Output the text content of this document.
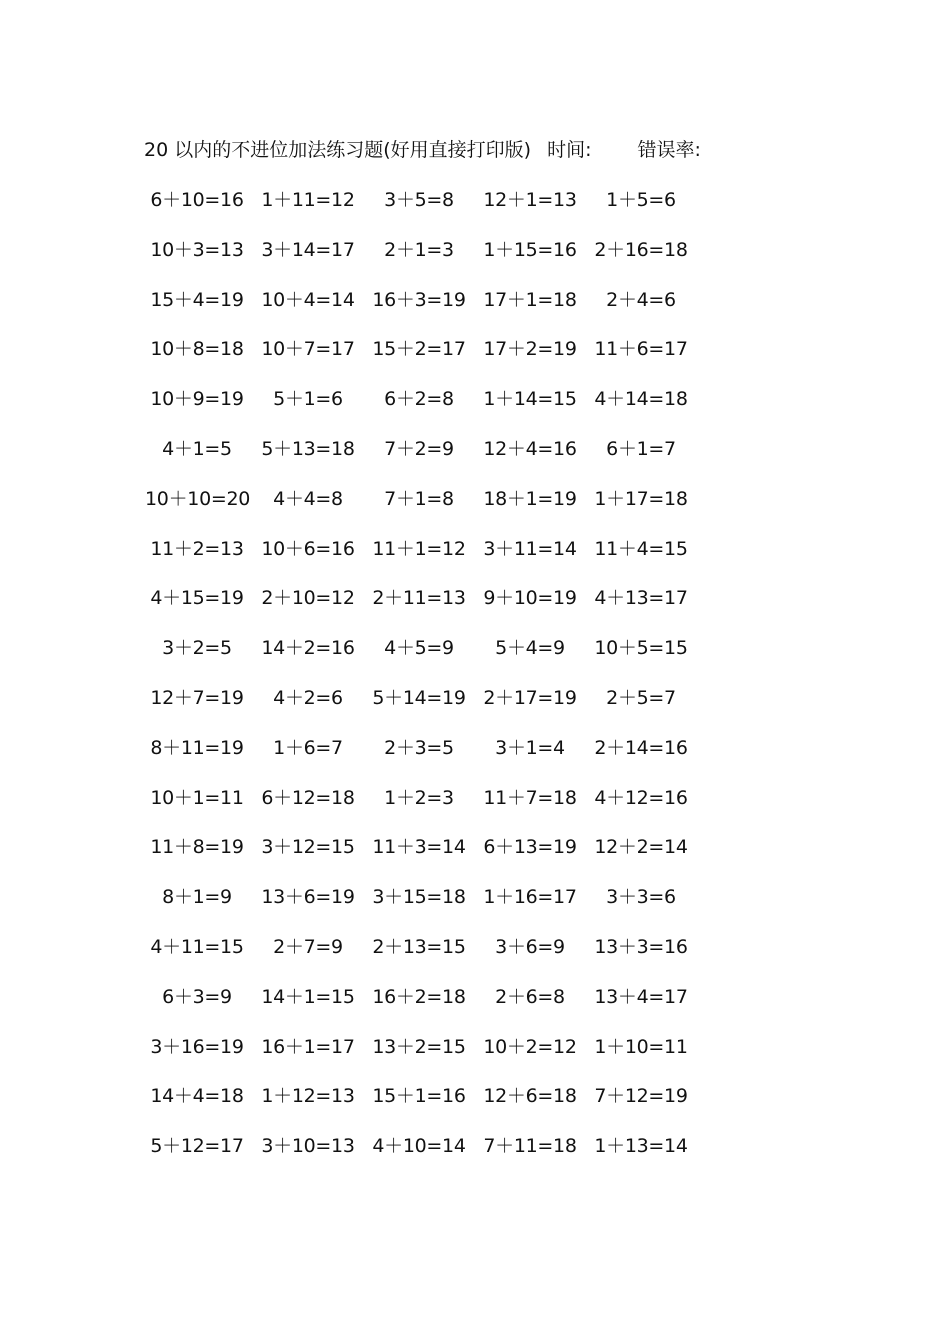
20 以内的不进位加法练习题(好用直接打印版) 时间: 错误率:
6＋10=16 1＋11=12	3＋5=8	12＋1=13	1＋5=6
10＋3=13 3＋14=17	2＋1=3	1＋15=16 2＋16=18
15＋4=19 10＋4=14 16＋3=19 17＋1=18	2＋4=6
10＋8=18 10＋7=17 15＋2=17 17＋2=19 11＋6=17
10＋9=19	5＋1=6	6＋2=8	1＋14=15 4＋14=18
4＋1=5	5＋13=18	7＋2=9	12＋4=16	6＋1=7
10＋10=20	4＋4=8	7＋1=8	18＋1=19 1＋17=18
11＋2=13 10＋6=16 11＋1=12 3＋11=14 11＋4=15
4＋15=19 2＋10=12 2＋11=13 9＋10=19 4＋13=17
3＋2=5	14＋2=16	4＋5=9	5＋4=9	10＋5=15
12＋7=19	4＋2=6	5＋14=19 2＋17=19	2＋5=7
8＋11=19	1＋6=7	2＋3=5	3＋1=4	2＋14=16
10＋1=11 6＋12=18	1＋2=3	11＋7=18 4＋12=16
11＋8=19 3＋12=15 11＋3=14 6＋13=19 12＋2=14
8＋1=9	13＋6=19 3＋15=18 1＋16=17	3＋3=6
4＋11=15	2＋7=9	2＋13=15	3＋6=9	13＋3=16
6＋3=9	14＋1=15 16＋2=18	2＋6=8	13＋4=17
3＋16=19 16＋1=17 13＋2=15 10＋2=12 1＋10=11
14＋4=18 1＋12=13 15＋1=16 12＋6=18 7＋12=19
5＋12=17 3＋10=13 4＋10=14 7＋11=18 1＋13=14
